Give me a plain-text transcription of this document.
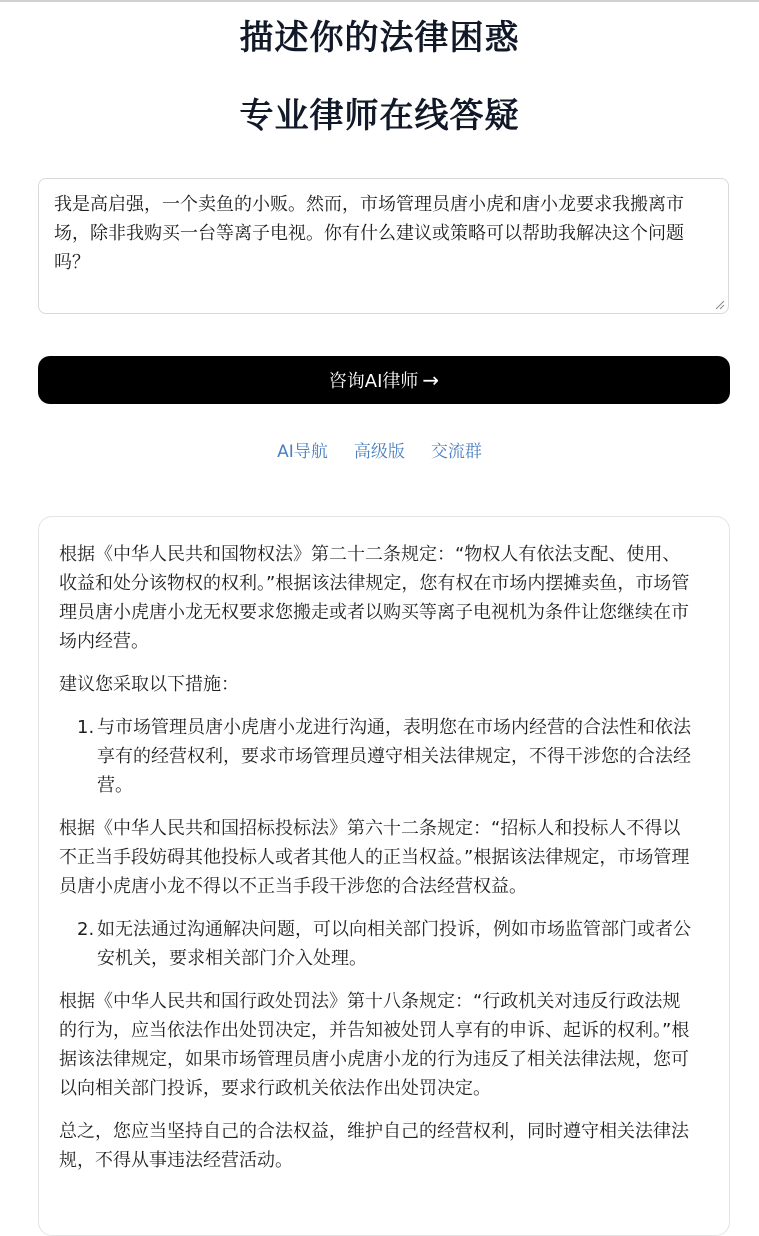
描述你的法律困惑
专业律师在线答疑
我是高启强，一个卖鱼的小贩。然而，市场管理员唐小虎和唐小龙要求我搬离市场，除非我购买一台等离子电视。你有什么建议或策略可以帮助我解决这个问题吗？
咨询AI律师 →
AI导航 高级版 交流群

根据《中华人民共和国物权法》第二十二条规定：“物权人有依法支配、使用、收益和处分该物权的权利。”根据该法律规定，您有权在市场内摆摊卖鱼，市场管理员唐小虎唐小龙无权要求您搬走或者以购买等离子电视机为条件让您继续在市场内经营。

建议您采取以下措施：

1. 与市场管理员唐小虎唐小龙进行沟通，表明您在市场内经营的合法性和依法享有的经营权利，要求市场管理员遵守相关法律规定，不得干涉您的合法经营。

根据《中华人民共和国招标投标法》第六十二条规定：“招标人和投标人不得以不正当手段妨碍其他投标人或者其他人的正当权益。”根据该法律规定，市场管理员唐小虎唐小龙不得以不正当手段干涉您的合法经营权益。

2. 如无法通过沟通解决问题，可以向相关部门投诉，例如市场监管部门或者公安机关，要求相关部门介入处理。

根据《中华人民共和国行政处罚法》第十八条规定：“行政机关对违反行政法规的行为，应当依法作出处罚决定，并告知被处罚人享有的申诉、起诉的权利。”根据该法律规定，如果市场管理员唐小虎唐小龙的行为违反了相关法律法规，您可以向相关部门投诉，要求行政机关依法作出处罚决定。

总之，您应当坚持自己的合法权益，维护自己的经营权利，同时遵守相关法律法规，不得从事违法经营活动。
